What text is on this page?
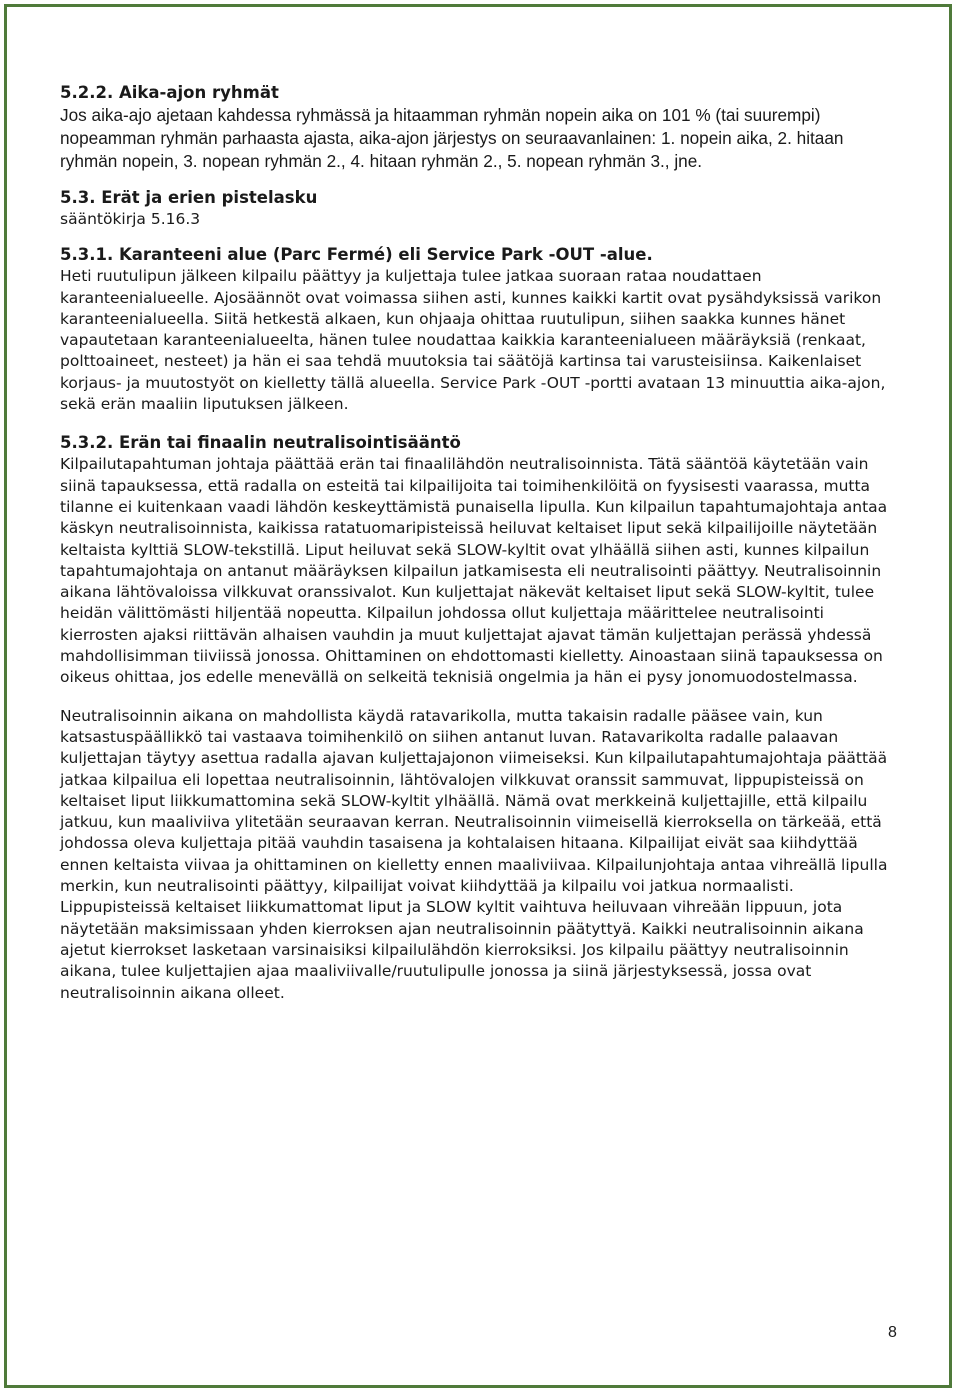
5.2.2. Aika-ajon ryhmät

Jos aika-ajo ajetaan kahdessa ryhmässä ja hitaamman ryhmän nopein aika on 101 % (tai suurempi) nopeamman ryhmän parhaasta ajasta, aika-ajon järjestys on seuraavanlainen: 1. nopein aika, 2. hitaan ryhmän nopein, 3. nopean ryhmän 2., 4. hitaan ryhmän 2., 5. nopean ryhmän 3., jne.

5.3. Erät ja erien pistelasku

sääntökirja 5.16.3

5.3.1. Karanteeni alue (Parc Fermé) eli Service Park -OUT -alue.

Heti ruutulipun jälkeen kilpailu päättyy ja kuljettaja tulee jatkaa suoraan rataa noudattaen karanteenialueelle. Ajosäännöt ovat voimassa siihen asti, kunnes kaikki kartit ovat pysähdyksissä varikon karanteenialueella. Siitä hetkestä alkaen, kun ohjaaja ohittaa ruutulipun, siihen saakka kunnes hänet vapautetaan karanteenialueelta, hänen tulee noudattaa kaikkia karanteenialueen määräyksiä (renkaat, polttoaineet, nesteet) ja hän ei saa tehdä muutoksia tai säätöjä kartinsa tai varusteisiinsa. Kaikenlaiset korjaus- ja muutostyöt on kielletty tällä alueella. Service Park -OUT -portti avataan 13 minuuttia aika-ajon, sekä erän maaliin liputuksen jälkeen.

5.3.2. Erän tai finaalin neutralisointisääntö

Kilpailutapahtuman johtaja päättää erän tai finaalilähdön neutralisoinnista. Tätä sääntöä käytetään vain siinä tapauksessa, että radalla on esteitä tai kilpailijoita tai toimihenkilöitä on fyysisesti vaarassa, mutta tilanne ei kuitenkaan vaadi lähdön keskeyttämistä punaisella lipulla. Kun kilpailun tapahtumajohtaja antaa käskyn neutralisoinnista, kaikissa ratatuomaripisteissä heiluvat keltaiset liput sekä kilpailijoille näytetään keltaista kylttiä SLOW-tekstillä. Liput heiluvat sekä SLOW-kyltit ovat ylhäällä siihen asti, kunnes kilpailun tapahtumajohtaja on antanut määräyksen kilpailun jatkamisesta eli neutralisointi päättyy. Neutralisoinnin aikana lähtövaloissa vilkkuvat oranssivalot. Kun kuljettajat näkevät keltaiset liput sekä SLOW-kyltit, tulee heidän välittömästi hiljentää nopeutta. Kilpailun johdossa ollut kuljettaja määrittelee neutralisointi kierrosten ajaksi riittävän alhaisen vauhdin ja muut kuljettajat ajavat tämän kuljettajan perässä yhdessä mahdollisimman tiiviissä jonossa. Ohittaminen on ehdottomasti kielletty. Ainoastaan siinä tapauksessa on oikeus ohittaa, jos edelle menevällä on selkeitä teknisiä ongelmia ja hän ei pysy jonomuodostelmassa.

Neutralisoinnin aikana on mahdollista käydä ratavarikolla, mutta takaisin radalle pääsee vain, kun katsastuspäällikkö tai vastaava toimihenkilö on siihen antanut luvan. Ratavarikolta radalle palaavan kuljettajan täytyy asettua radalla ajavan kuljettajajonon viimeiseksi. Kun kilpailutapahtumajohtaja päättää jatkaa kilpailua eli lopettaa neutralisoinnin, lähtövalojen vilkkuvat oranssit sammuvat, lippupisteissä on keltaiset liput liikkumattomina sekä SLOW-kyltit ylhäällä. Nämä ovat merkkeinä kuljettajille, että kilpailu jatkuu, kun maaliviiva ylitetään seuraavan kerran. Neutralisoinnin viimeisellä kierroksella on tärkeää, että johdossa oleva kuljettaja pitää vauhdin tasaisena ja kohtalaisen hitaana. Kilpailijat eivät saa kiihdyttää ennen keltaista viivaa ja ohittaminen on kielletty ennen maaliviivaa. Kilpailunjohtaja antaa vihreällä lipulla merkin, kun neutralisointi päättyy, kilpailijat voivat kiihdyttää ja kilpailu voi jatkua normaalisti. Lippupisteissä keltaiset liikkumattomat liput ja SLOW kyltit vaihtuva heiluvaan vihreään lippuun, jota näytetään maksimissaan yhden kierroksen ajan neutralisoinnin päätyttyä. Kaikki neutralisoinnin aikana ajetut kierrokset lasketaan varsinaisiksi kilpailulähdön kierroksiksi. Jos kilpailu päättyy neutralisoinnin aikana, tulee kuljettajien ajaa maaliviivalle/ruutulipulle jonossa ja siinä järjestyksessä, jossa ovat neutralisoinnin aikana olleet.

8
